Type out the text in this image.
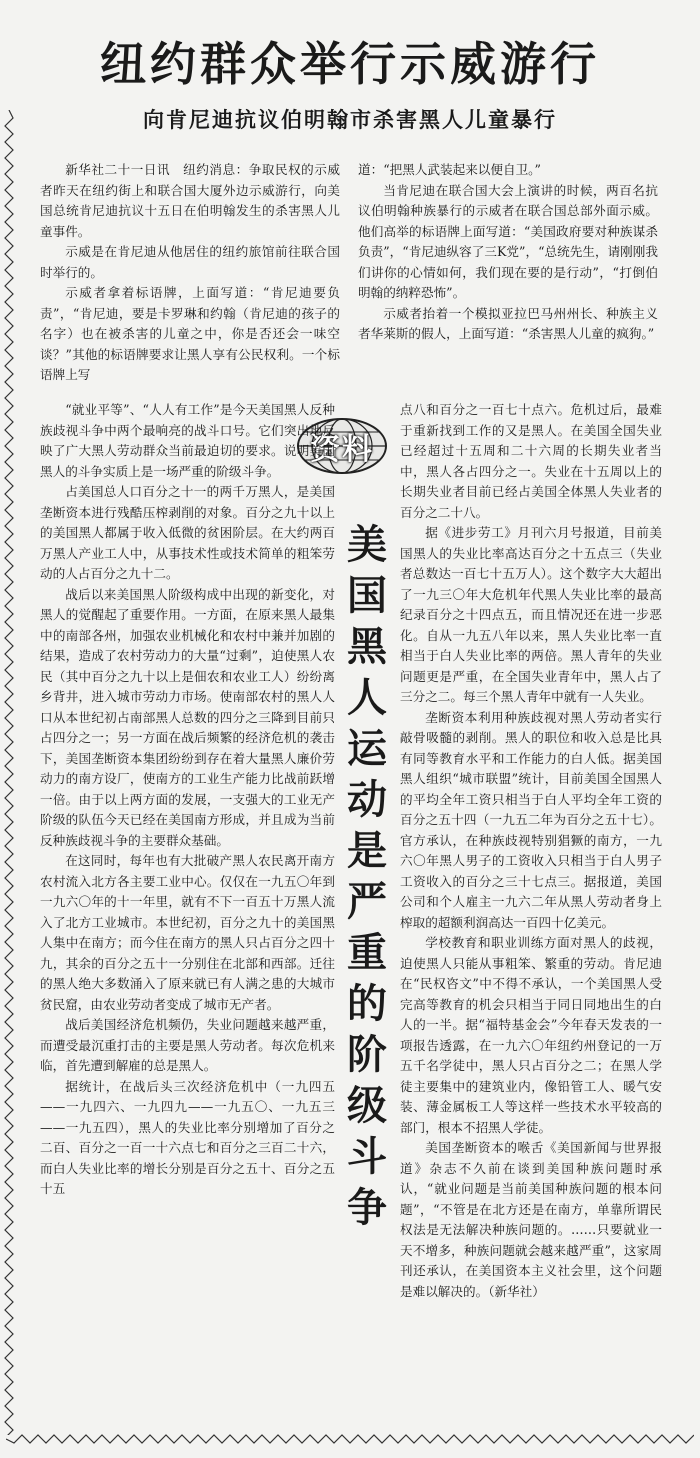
纽约群众举行示威游行
向肯尼迪抗议伯明翰市杀害黑人儿童暴行

新华社二十一日讯　纽约消息：争取民权的示威者昨天在纽约街上和联合国大厦外边示威游行，向美国总统肯尼迪抗议十五日在伯明翰发生的杀害黑人儿童事件。

示威是在肯尼迪从他居住的纽约旅馆前往联合国时举行的。

示威者拿着标语牌，上面写道：“肯尼迪要负责”，“肯尼迪，要是卡罗琳和约翰（肯尼迪的孩子的名字）也在被杀害的儿童之中，你是否还会一味空谈？”其他的标语牌要求让黑人享有公民权利。一个标语牌上写

道：“把黑人武装起来以便自卫。”

当肯尼迪在联合国大会上演讲的时候，两百名抗议伯明翰种族暴行的示威者在联合国总部外面示威。他们高举的标语牌上面写道：“美国政府要对种族谋杀负责”，“肯尼迪纵容了三K党”，“总统先生，请刚刚我们讲你的心情如何，我们现在要的是行动”，“打倒伯明翰的纳粹恐怖”。

示威者抬着一个模拟亚拉巴马州州长、种族主义者华莱斯的假人，上面写道：“杀害黑人儿童的疯狗。”

资料
美国黑人运动是严重的阶级斗争

“就业平等”、“人人有工作”是今天美国黑人反种族歧视斗争中两个最响亮的战斗口号。它们突出地反映了广大黑人劳动群众当前最迫切的要求。说明美国黑人的斗争实质上是一场严重的阶级斗争。

占美国总人口百分之十一的两千万黑人，是美国垄断资本进行残酷压榨剥削的对象。百分之九十以上的美国黑人都属于收入低微的贫困阶层。在大约两百万黑人产业工人中，从事技术性或技术简单的粗笨劳动的人占百分之九十二。

战后以来美国黑人阶级构成中出现的新变化，对黑人的觉醒起了重要作用。一方面，在原来黑人最集中的南部各州，加强农业机械化和农村中兼并加剧的结果，造成了农村劳动力的大量“过剩”，迫使黑人农民（其中百分之九十以上是佃农和农业工人）纷纷离乡背井，进入城市劳动力市场。使南部农村的黑人人口从本世纪初占南部黑人总数的四分之三降到目前只占四分之一；另一方面在战后频繁的经济危机的袭击下，美国垄断资本集团纷纷到存在着大量黑人廉价劳动力的南方设厂，使南方的工业生产能力比战前跃增一倍。由于以上两方面的发展，一支强大的工业无产阶级的队伍今天已经在美国南方形成，并且成为当前反种族歧视斗争的主要群众基础。

在这同时，每年也有大批破产黑人农民离开南方农村流入北方各主要工业中心。仅仅在一九五〇年到一九六〇年的十一年里，就有不下一百五十万黑人流入了北方工业城市。本世纪初，百分之九十的美国黑人集中在南方；而今住在南方的黑人只占百分之四十九，其余的百分之五十一分别住在北部和西部。迁往的黑人绝大多数涌入了原来就已有人满之患的大城市贫民窟，由农业劳动者变成了城市无产者。

战后美国经济危机频仍，失业问题越来越严重，而遭受最沉重打击的主要是黑人劳动者。每次危机来临，首先遭到解雇的总是黑人。

据统计，在战后头三次经济危机中（一九四五——一九四六、一九四九——一九五〇、一九五三——一九五四），黑人的失业比率分别增加了百分之二百、百分之一百一十六点七和百分之三百二十六，而白人失业比率的增长分别是百分之五十、百分之五十五

点八和百分之一百七十点六。危机过后，最难于重新找到工作的又是黑人。在美国全国失业已经超过十五周和二十六周的长期失业者当中，黑人各占四分之一。失业在十五周以上的长期失业者目前已经占美国全体黑人失业者的百分之二十八。

据《进步劳工》月刊六月号报道，目前美国黑人的失业比率高达百分之十五点三（失业者总数达一百七十五万人）。这个数字大大超出了一九三〇年大危机年代黑人失业比率的最高纪录百分之十四点五，而且情况还在进一步恶化。自从一九五八年以来，黑人失业比率一直相当于白人失业比率的两倍。黑人青年的失业问题更是严重，在全国失业青年中，黑人占了三分之二。每三个黑人青年中就有一人失业。

垄断资本利用种族歧视对黑人劳动者实行敲骨吸髓的剥削。黑人的职位和收入总是比具有同等教育水平和工作能力的白人低。据美国黑人组织“城市联盟”统计，目前美国全国黑人的平均全年工资只相当于白人平均全年工资的百分之五十四（一九五二年为百分之五十七）。官方承认，在种族歧视特别猖獗的南方，一九六〇年黑人男子的工资收入只相当于白人男子工资收入的百分之三十七点三。据报道，美国公司和个人雇主一九六二年从黑人劳动者身上榨取的超额利润高达一百四十亿美元。

学校教育和职业训练方面对黑人的歧视，迫使黑人只能从事粗笨、繁重的劳动。肯尼迪在“民权咨文”中不得不承认，一个美国黑人受完高等教育的机会只相当于同日同地出生的白人的一半。据“福特基金会”今年春天发表的一项报告透露，在一九六〇年纽约州登记的一万五千名学徒中，黑人只占百分之二；在黑人学徒主要集中的建筑业内，像铅管工人、暖气安装、薄金属板工人等这样一些技术水平较高的部门，根本不招黑人学徒。

美国垄断资本的喉舌《美国新闻与世界报道》杂志不久前在谈到美国种族问题时承认，“就业问题是当前美国种族问题的根本问题”，“不管是在北方还是在南方，单靠所谓民权法是无法解决种族问题的。……只要就业一天不增多，种族问题就会越来越严重”，这家周刊还承认，在美国资本主义社会里，这个问题是难以解决的。（新华社）
